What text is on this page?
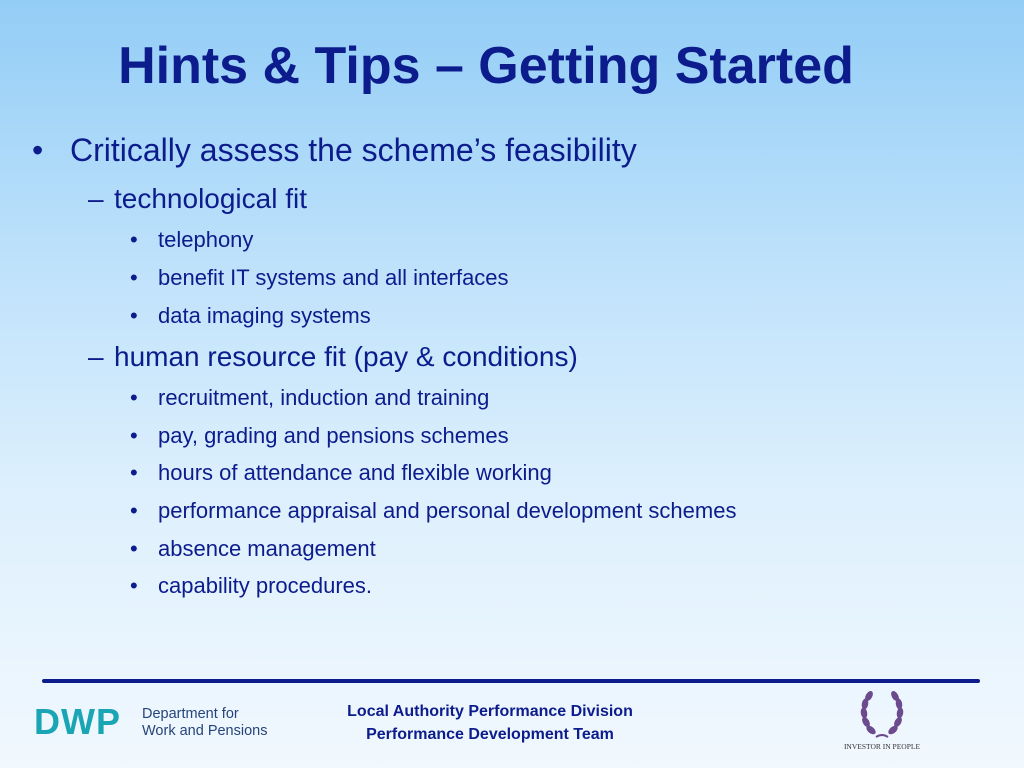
Hints & Tips – Getting Started
• Critically assess the scheme’s feasibility
– technological fit
• telephony
• benefit IT systems and all interfaces
• data imaging systems
– human resource fit (pay & conditions)
• recruitment, induction and training
• pay, grading and pensions schemes
• hours of attendance and flexible working
• performance appraisal and personal development schemes
• absence management
• capability procedures.
DWP Department for
Work and Pensions
Local Authority Performance Division
Performance Development Team
INVESTOR IN PEOPLE
